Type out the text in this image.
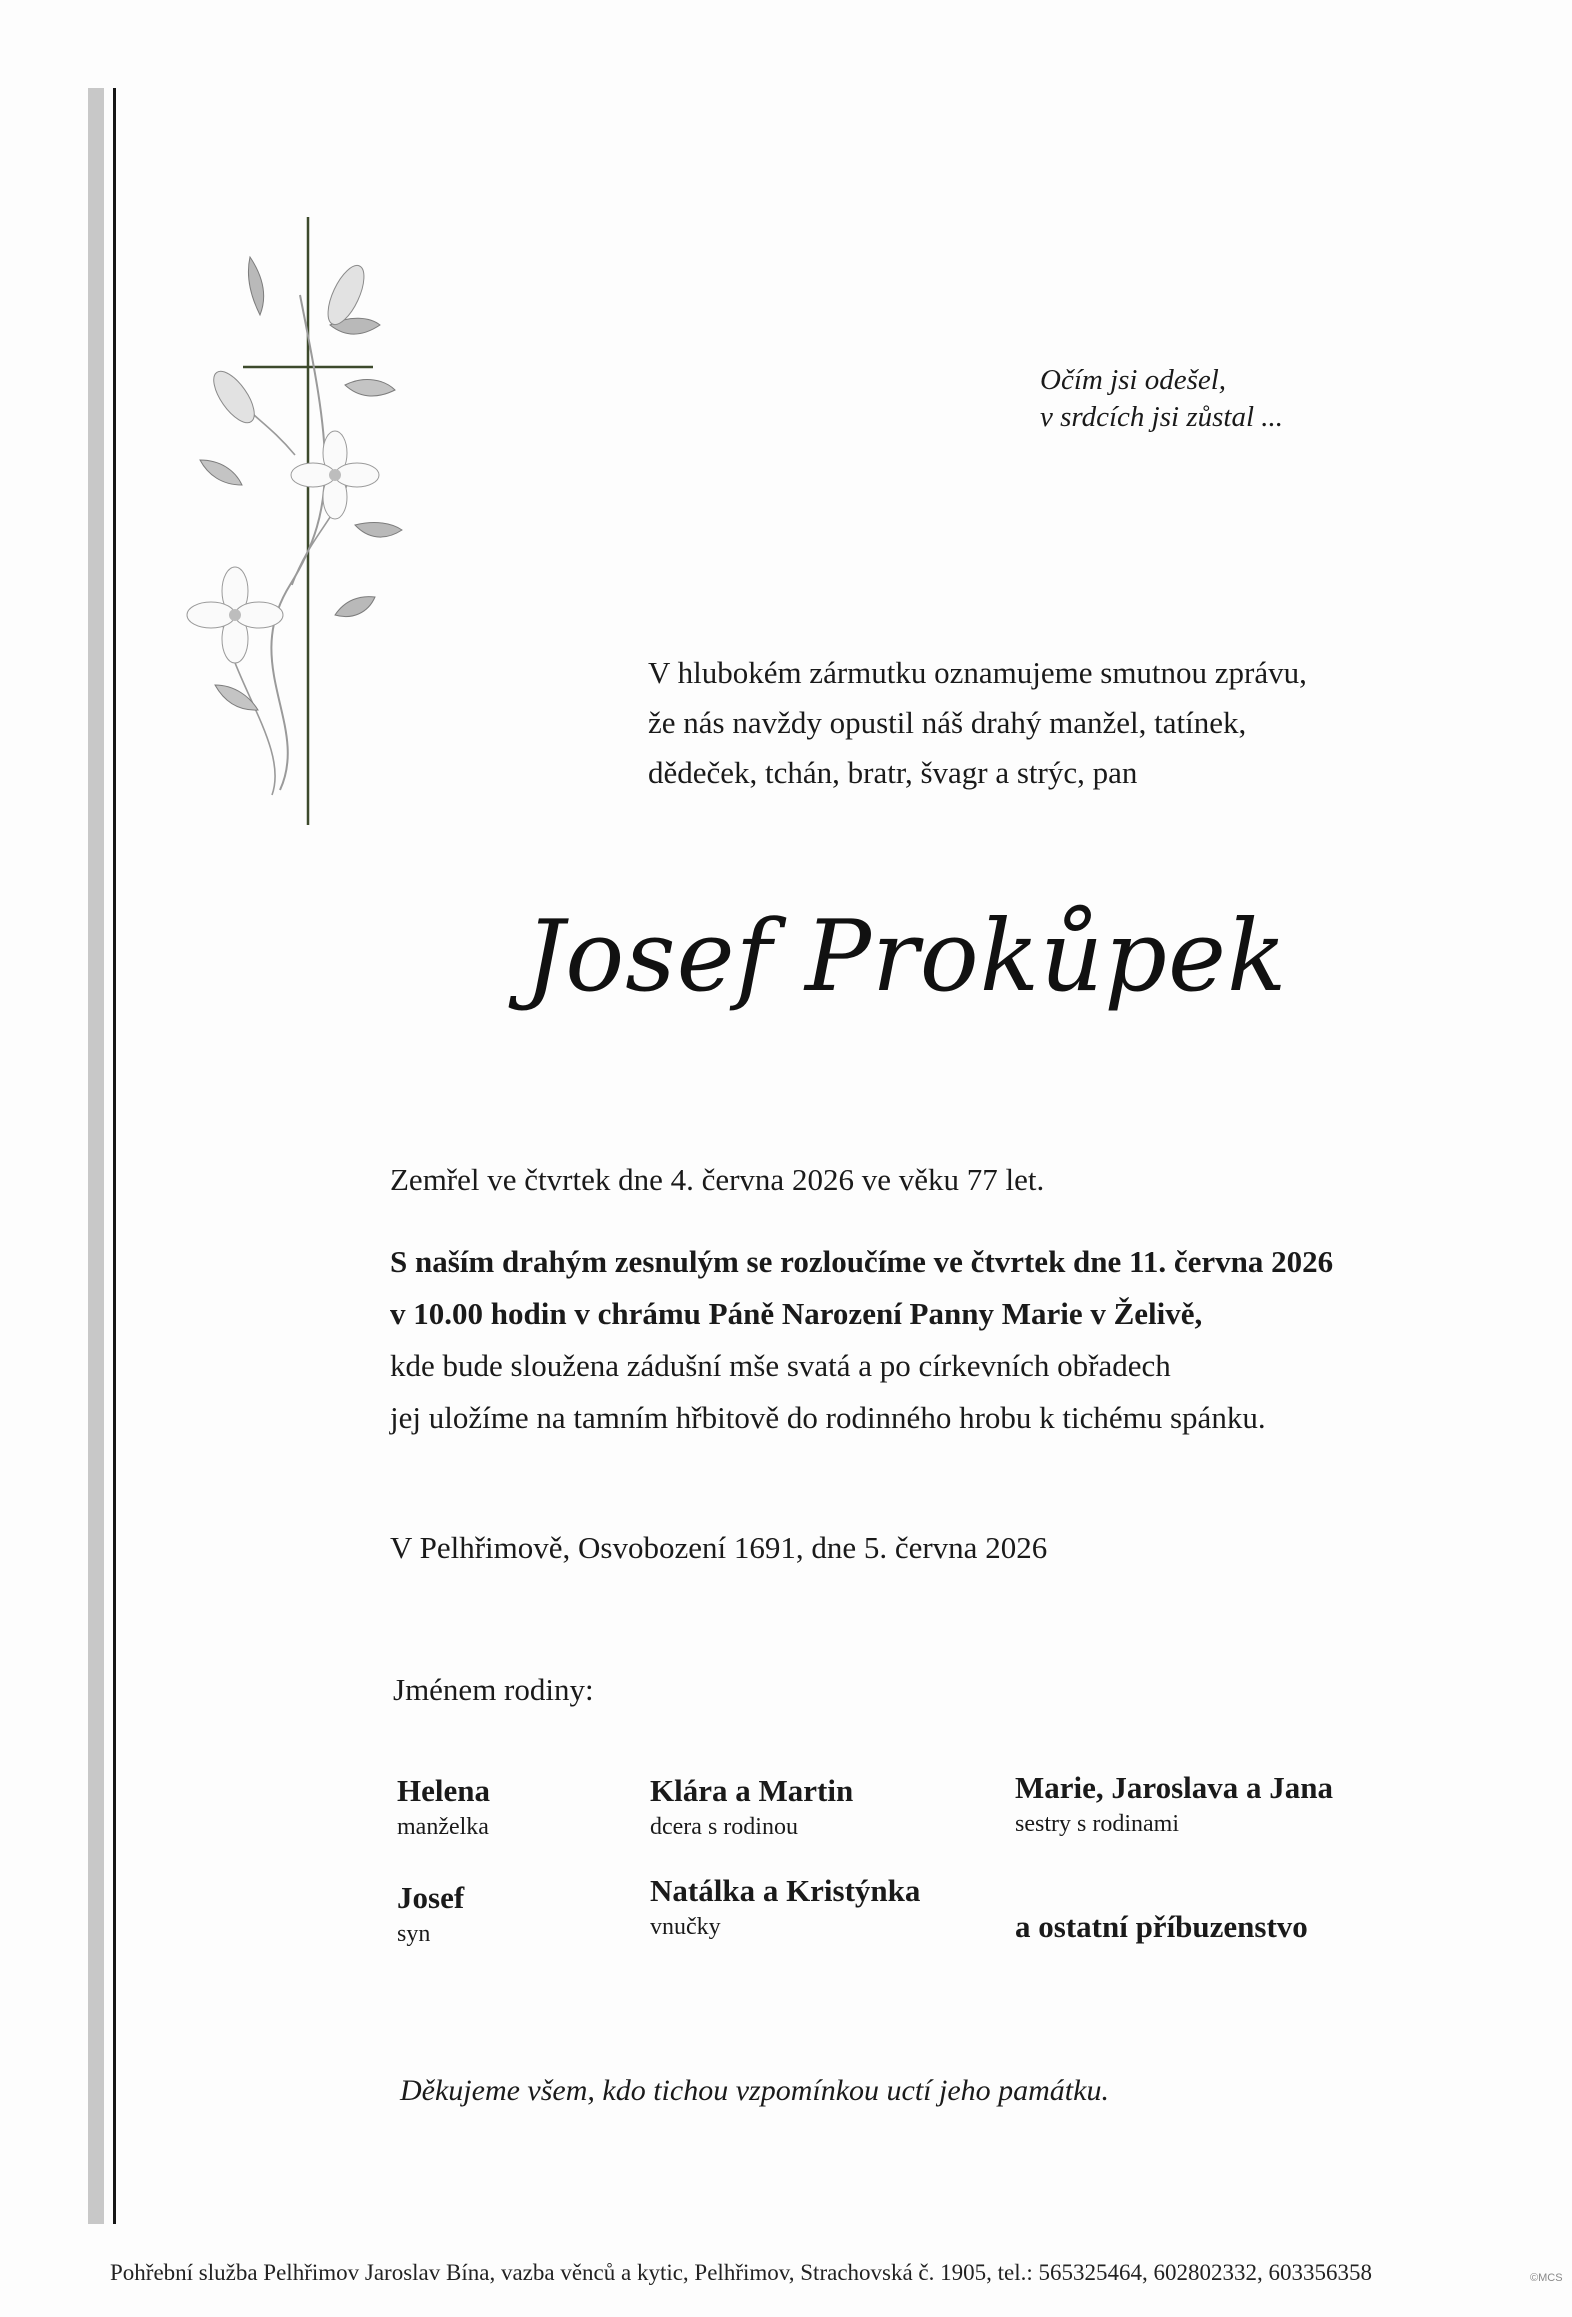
Očím jsi odešel,
v srdcích jsi zůstal ...
V hlubokém zármutku oznamujeme smutnou zprávu,
že nás navždy opustil náš drahý manžel, tatínek,
dědeček, tchán, bratr, švagr a strýc, pan
Josef Prokůpek
Zemřel ve čtvrtek dne 4. června 2026 ve věku 77 let.
S naším drahým zesnulým se rozloučíme ve čtvrtek dne 11. června 2026
v 10.00 hodin v chrámu Páně Narození Panny Marie v Želivě,
kde bude sloužena zádušní mše svatá a po církevních obřadech
jej uložíme na tamním hřbitově do rodinného hrobu k tichému spánku.
V Pelhřimově, Osvobození 1691, dne 5. června 2026
Jménem rodiny:
Helena
manželka
Klára a Martin
dcera s rodinou
Marie, Jaroslava a Jana
sestry s rodinami
Josef
syn
Natálka a Kristýnka
vnučky	a ostatní příbuzenstvo
Děkujeme všem, kdo tichou vzpomínkou uctí jeho památku.
Pohřební služba Pelhřimov Jaroslav Bína, vazba věnců a kytic, Pelhřimov, Strachovská č. 1905, tel.: 565325464, 602802332, 603356358	©MCS
